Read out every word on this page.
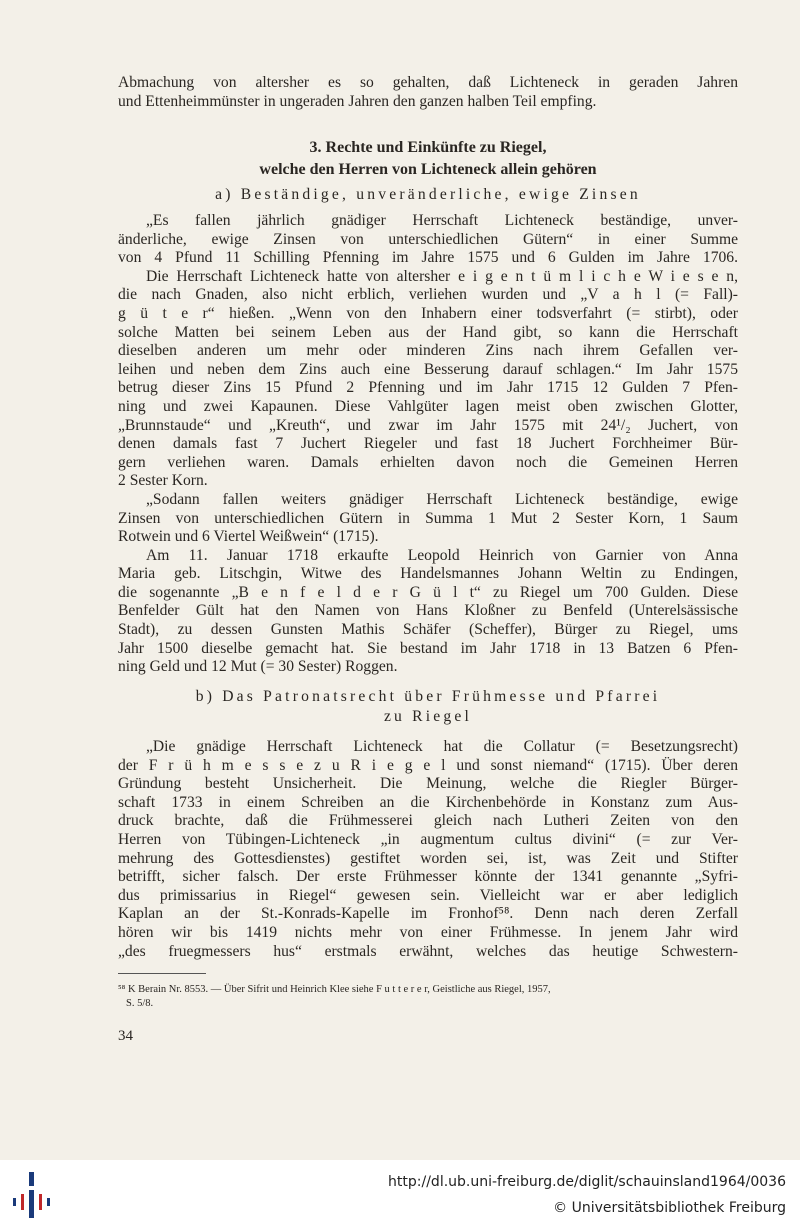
Abmachung von altersher es so gehalten, daß Lichteneck in geraden Jahren
und Ettenheimmünster in ungeraden Jahren den ganzen halben Teil empfing.
3. Rechte und Einkünfte zu Riegel,
welche den Herren von Lichteneck allein gehören
a) Beständige, unveränderliche, ewige Zinsen
„Es fallen jährlich gnädiger Herrschaft Lichteneck beständige, unver-
änderliche, ewige Zinsen von unterschiedlichen Gütern“ in einer Summe
von 4 Pfund 11 Schilling Pfenning im Jahre 1575 und 6 Gulden im Jahre 1706.
Die Herrschaft Lichteneck hatte von altersher e i g e n t ü m l i c h e W i e s e n,
die nach Gnaden, also nicht erblich, verliehen wurden und „V a h l (= Fall)-
g ü t e r“ hießen. „Wenn von den Inhabern einer todsverfahrt (= stirbt), oder
solche Matten bei seinem Leben aus der Hand gibt, so kann die Herrschaft
dieselben anderen um mehr oder minderen Zins nach ihrem Gefallen ver-
leihen und neben dem Zins auch eine Besserung darauf schlagen.“ Im Jahr 1575
betrug dieser Zins 15 Pfund 2 Pfenning und im Jahr 1715 12 Gulden 7 Pfen-
ning und zwei Kapaunen. Diese Vahlgüter lagen meist oben zwischen Glotter,
„Brunnstaude“ und „Kreuth“, und zwar im Jahr 1575 mit 24¹/₂ Juchert, von
denen damals fast 7 Juchert Riegeler und fast 18 Juchert Forchheimer Bür-
gern verliehen waren. Damals erhielten davon noch die Gemeinen Herren
2 Sester Korn.
„Sodann fallen weiters gnädiger Herrschaft Lichteneck beständige, ewige
Zinsen von unterschiedlichen Gütern in Summa 1 Mut 2 Sester Korn, 1 Saum
Rotwein und 6 Viertel Weißwein“ (1715).
Am 11. Januar 1718 erkaufte Leopold Heinrich von Garnier von Anna
Maria geb. Litschgin, Witwe des Handelsmannes Johann Weltin zu Endingen,
die sogenannte „B e n f e l d e r G ü l t“ zu Riegel um 700 Gulden. Diese
Benfelder Gült hat den Namen von Hans Kloßner zu Benfeld (Unterelsässische
Stadt), zu dessen Gunsten Mathis Schäfer (Scheffer), Bürger zu Riegel, ums
Jahr 1500 dieselbe gemacht hat. Sie bestand im Jahr 1718 in 13 Batzen 6 Pfen-
ning Geld und 12 Mut (= 30 Sester) Roggen.
b) Das Patronatsrecht über Frühmesse und Pfarrei
zu Riegel
„Die gnädige Herrschaft Lichteneck hat die Collatur (= Besetzungsrecht)
der F r ü h m e s s e z u R i e g e l und sonst niemand“ (1715). Über deren
Gründung besteht Unsicherheit. Die Meinung, welche die Riegler Bürger-
schaft 1733 in einem Schreiben an die Kirchenbehörde in Konstanz zum Aus-
druck brachte, daß die Frühmesserei gleich nach Lutheri Zeiten von den
Herren von Tübingen-Lichteneck „in augmentum cultus divini“ (= zur Ver-
mehrung des Gottesdienstes) gestiftet worden sei, ist, was Zeit und Stifter
betrifft, sicher falsch. Der erste Frühmesser könnte der 1341 genannte „Syfri-
dus primissarius in Riegel“ gewesen sein. Vielleicht war er aber lediglich
Kaplan an der St.-Konrads-Kapelle im Fronhof⁵⁸. Denn nach deren Zerfall
hören wir bis 1419 nichts mehr von einer Frühmesse. In jenem Jahr wird
„des fruegmessers hus“ erstmals erwähnt, welches das heutige Schwestern-
⁵⁸ K Berain Nr. 8553. — Über Sifrit und Heinrich Klee siehe F u t t e r e r, Geistliche aus Riegel, 1957,
S. 5/8.
34
http://dl.ub.uni-freiburg.de/diglit/schauinsland1964/0036
© Universitätsbibliothek Freiburg
